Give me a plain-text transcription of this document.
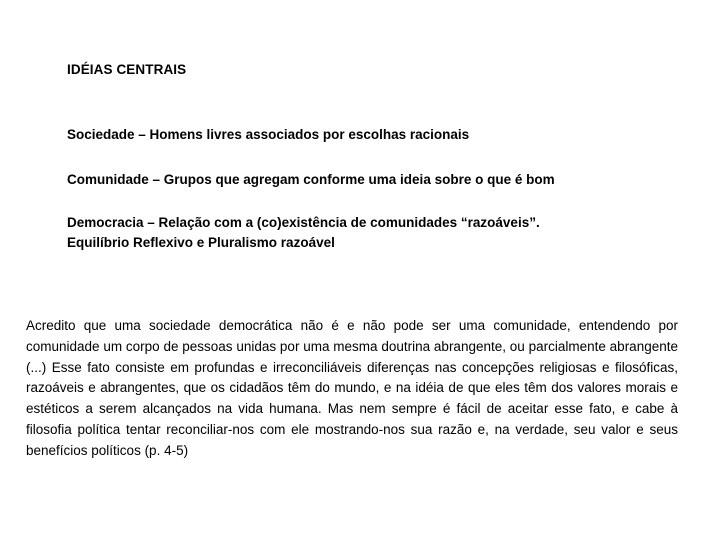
IDÉIAS CENTRAIS
Sociedade – Homens livres associados por escolhas racionais
Comunidade – Grupos que agregam conforme uma ideia sobre o que é bom
Democracia – Relação com a (co)existência de comunidades “razoáveis”.
Equilíbrio Reflexivo e Pluralismo razoável
Acredito que uma sociedade democrática não é e não pode ser uma comunidade, entendendo por comunidade um corpo de pessoas unidas por uma mesma doutrina abrangente, ou parcialmente abrangente (...) Esse fato consiste em profundas e irreconciliáveis diferenças nas concepções religiosas e filosóficas, razoáveis e abrangentes, que os cidadãos têm do mundo, e na idéia de que eles têm dos valores morais e estéticos a serem alcançados na vida humana. Mas nem sempre é fácil de aceitar esse fato, e cabe à filosofia política tentar reconciliar-nos com ele mostrando-nos sua razão e, na verdade, seu valor e seus benefícios políticos (p. 4-5)
